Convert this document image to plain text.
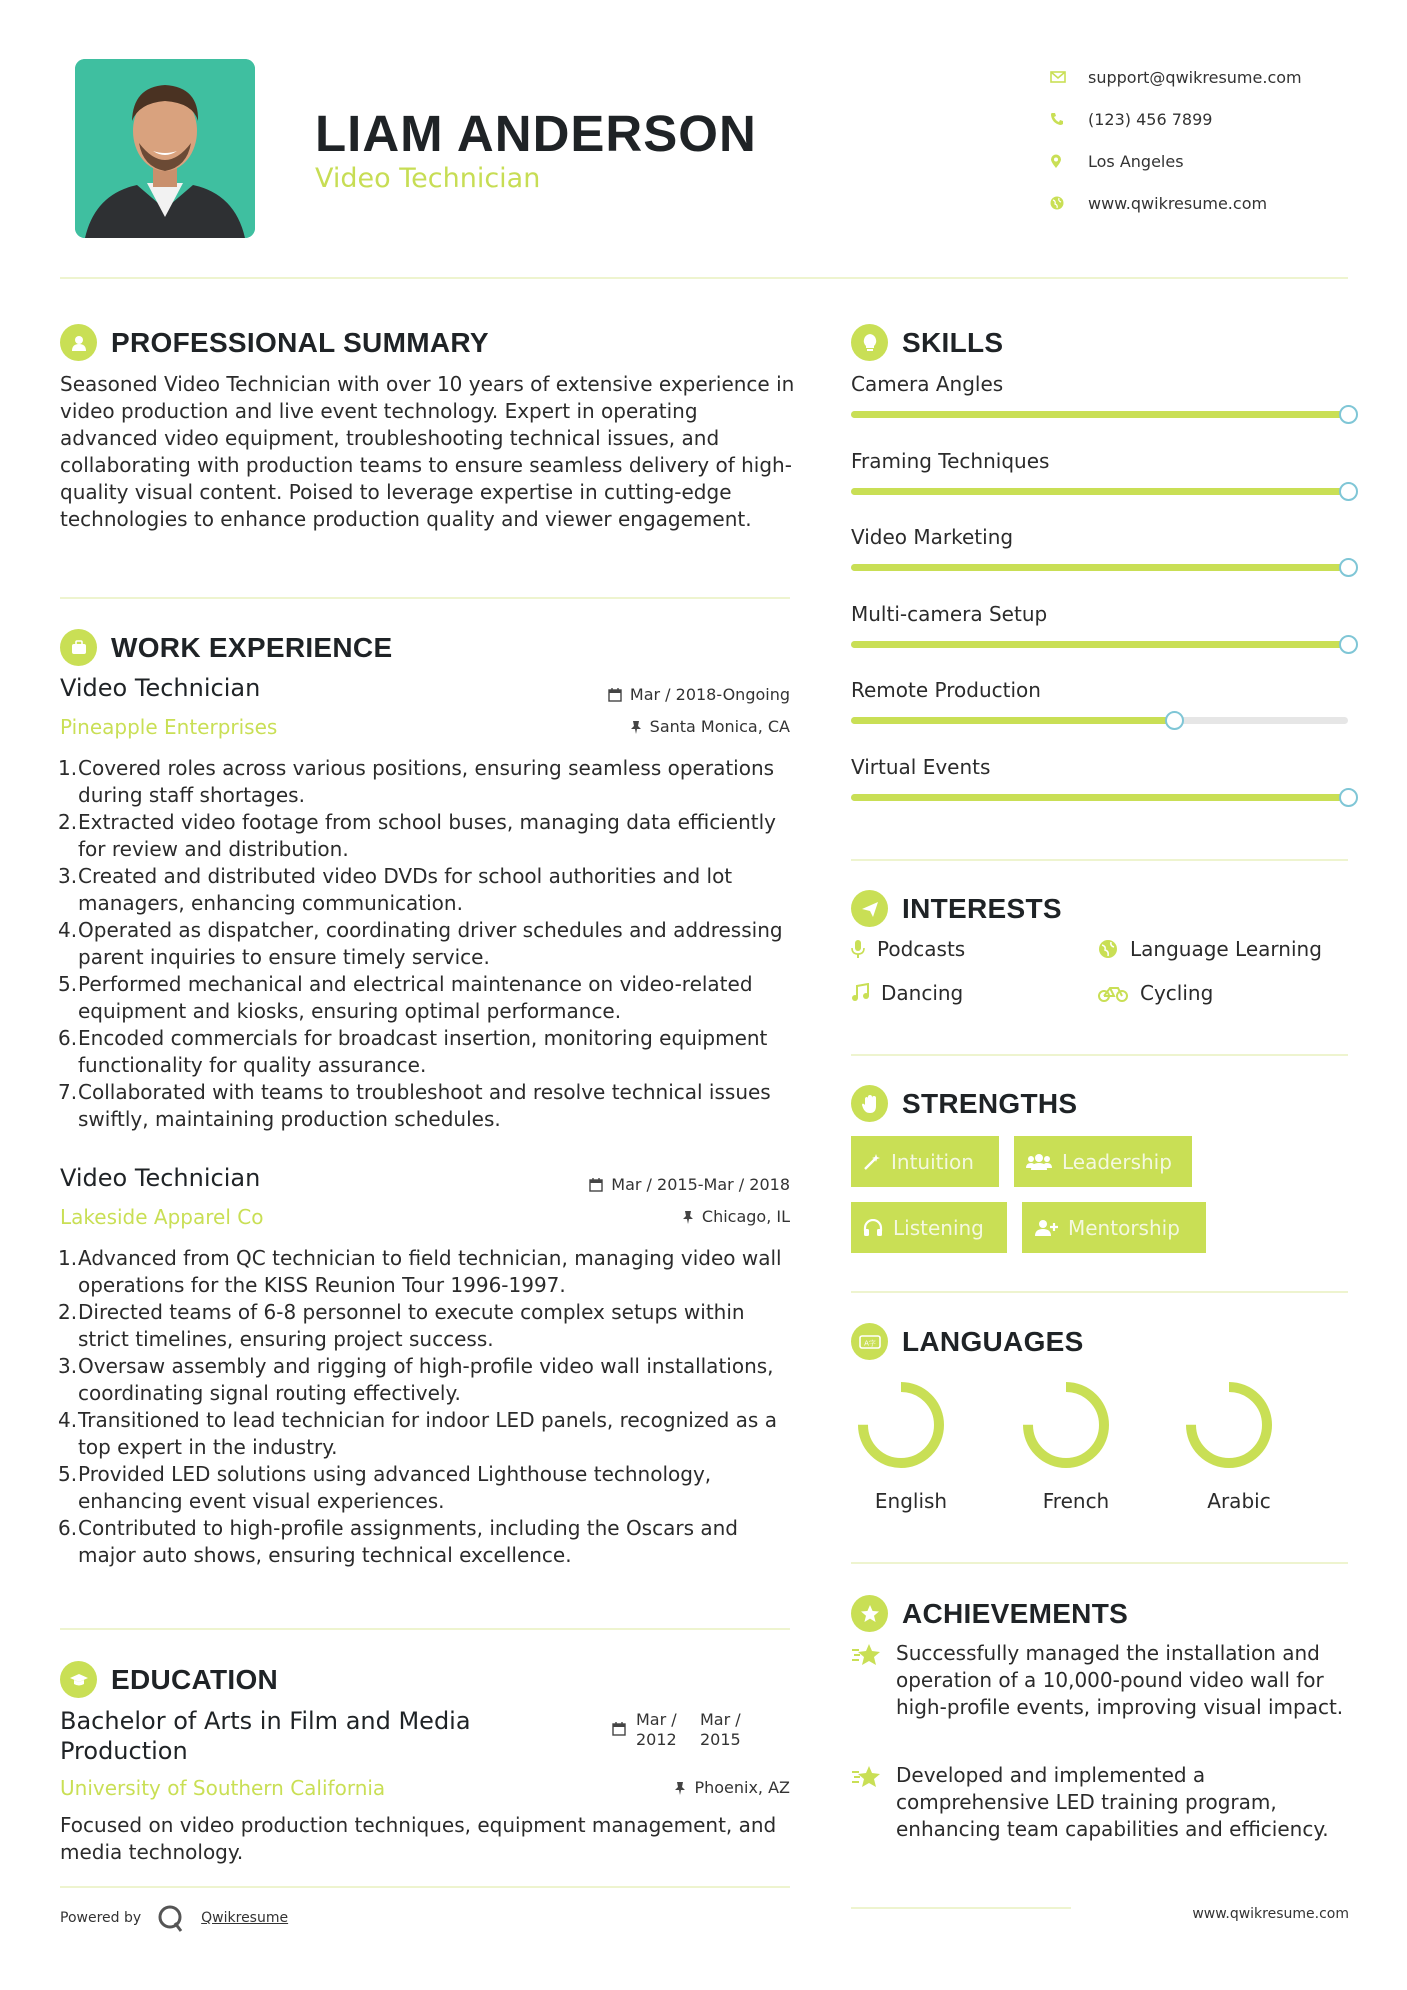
LIAM ANDERSON
Video Technician
support@qwikresume.com
(123) 456 7899
Los Angeles
www.qwikresume.com
PROFESSIONAL SUMMARY

Seasoned Video Technician with over 10 years of extensive experience in video production and live event technology. Expert in operating advanced video equipment, troubleshooting technical issues, and collaborating with production teams to ensure seamless delivery of high-quality visual content. Poised to leverage expertise in cutting-edge technologies to enhance production quality and viewer engagement.

WORK EXPERIENCE
Video Technician	Mar / 2018-Ongoing
Pineapple Enterprises	Santa Monica, CA
1. Covered roles across various positions, ensuring seamless operations during staff shortages.
2. Extracted video footage from school buses, managing data efficiently for review and distribution.
3. Created and distributed video DVDs for school authorities and lot managers, enhancing communication.
4. Operated as dispatcher, coordinating driver schedules and addressing parent inquiries to ensure timely service.
5. Performed mechanical and electrical maintenance on video-related equipment and kiosks, ensuring optimal performance.
6. Encoded commercials for broadcast insertion, monitoring equipment functionality for quality assurance.
7. Collaborated with teams to troubleshoot and resolve technical issues swiftly, maintaining production schedules.
Video Technician	Mar / 2015-Mar / 2018
Lakeside Apparel Co	Chicago, IL
1. Advanced from QC technician to field technician, managing video wall operations for the KISS Reunion Tour 1996-1997.
2. Directed teams of 6-8 personnel to execute complex setups within strict timelines, ensuring project success.
3. Oversaw assembly and rigging of high-profile video wall installations, coordinating signal routing effectively.
4. Transitioned to lead technician for indoor LED panels, recognized as a top expert in the industry.
5. Provided LED solutions using advanced Lighthouse technology, enhancing event visual experiences.
6. Contributed to high-profile assignments, including the Oscars and major auto shows, ensuring technical excellence.
EDUCATION
Bachelor of Arts in Film and Media Production
Mar / 2012
Mar / 2015
University of Southern California	Phoenix, AZ

Focused on video production techniques, equipment management, and media technology.

SKILLS
Camera Angles
Framing Techniques
Video Marketing
Multi-camera Setup
Remote Production
Virtual Events
INTERESTS
Podcasts	Language Learning
Dancing	Cycling
STRENGTHS
Intuition	Leadership
Listening	Mentorship
A字 LANGUAGES
English	French	Arabic
ACHIEVEMENTS

Successfully managed the installation and operation of a 10,000-pound video wall for high-profile events, improving visual impact.

Developed and implemented a comprehensive LED training program, enhancing team capabilities and efficiency.

Powered by	Qwikresume	www.qwikresume.com
